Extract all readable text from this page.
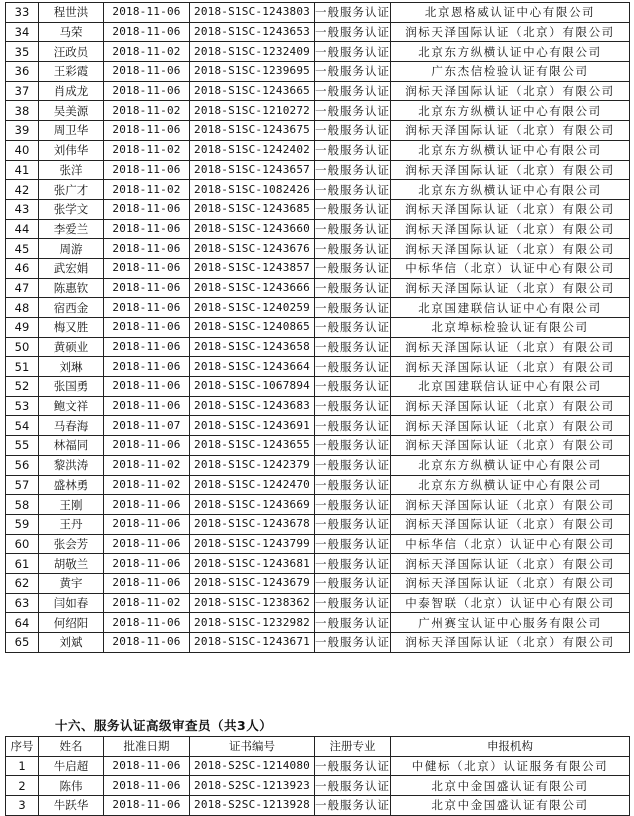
33	程世洪	2018-11-06	2018-S1SC-1243803	一般服务认证	北京恩格威认证中心有限公司
34	马荣	2018-11-06	2018-S1SC-1243653	一般服务认证	润标天泽国际认证（北京）有限公司
35	汪政员	2018-11-02	2018-S1SC-1232409	一般服务认证	北京东方纵横认证中心有限公司
36	王彩霞	2018-11-06	2018-S1SC-1239695	一般服务认证	广东杰信检验认证有限公司
37	肖成龙	2018-11-06	2018-S1SC-1243665	一般服务认证	润标天泽国际认证（北京）有限公司
38	吴美源	2018-11-02	2018-S1SC-1210272	一般服务认证	北京东方纵横认证中心有限公司
39	周卫华	2018-11-06	2018-S1SC-1243675	一般服务认证	润标天泽国际认证（北京）有限公司
40	刘伟华	2018-11-02	2018-S1SC-1242402	一般服务认证	北京东方纵横认证中心有限公司
41	张洋	2018-11-06	2018-S1SC-1243657	一般服务认证	润标天泽国际认证（北京）有限公司
42	张广才	2018-11-02	2018-S1SC-1082426	一般服务认证	北京东方纵横认证中心有限公司
43	张学文	2018-11-06	2018-S1SC-1243685	一般服务认证	润标天泽国际认证（北京）有限公司
44	李爱兰	2018-11-06	2018-S1SC-1243660	一般服务认证	润标天泽国际认证（北京）有限公司
45	周游	2018-11-06	2018-S1SC-1243676	一般服务认证	润标天泽国际认证（北京）有限公司
46	武宏娟	2018-11-06	2018-S1SC-1243857	一般服务认证	中标华信（北京）认证中心有限公司
47	陈惠钦	2018-11-06	2018-S1SC-1243666	一般服务认证	润标天泽国际认证（北京）有限公司
48	宿西金	2018-11-06	2018-S1SC-1240259	一般服务认证	北京国建联信认证中心有限公司
49	梅又胜	2018-11-06	2018-S1SC-1240865	一般服务认证	北京埠标检验认证有限公司
50	黄硕业	2018-11-06	2018-S1SC-1243658	一般服务认证	润标天泽国际认证（北京）有限公司
51	刘琳	2018-11-06	2018-S1SC-1243664	一般服务认证	润标天泽国际认证（北京）有限公司
52	张国勇	2018-11-06	2018-S1SC-1067894	一般服务认证	北京国建联信认证中心有限公司
53	鲍文祥	2018-11-06	2018-S1SC-1243683	一般服务认证	润标天泽国际认证（北京）有限公司
54	马春海	2018-11-07	2018-S1SC-1243691	一般服务认证	润标天泽国际认证（北京）有限公司
55	林福同	2018-11-06	2018-S1SC-1243655	一般服务认证	润标天泽国际认证（北京）有限公司
56	黎洪涛	2018-11-02	2018-S1SC-1242379	一般服务认证	北京东方纵横认证中心有限公司
57	盛林勇	2018-11-02	2018-S1SC-1242470	一般服务认证	北京东方纵横认证中心有限公司
58	王刚	2018-11-06	2018-S1SC-1243669	一般服务认证	润标天泽国际认证（北京）有限公司
59	王丹	2018-11-06	2018-S1SC-1243678	一般服务认证	润标天泽国际认证（北京）有限公司
60	张会芳	2018-11-06	2018-S1SC-1243799	一般服务认证	中标华信（北京）认证中心有限公司
61	胡敬兰	2018-11-06	2018-S1SC-1243681	一般服务认证	润标天泽国际认证（北京）有限公司
62	黄宇	2018-11-06	2018-S1SC-1243679	一般服务认证	润标天泽国际认证（北京）有限公司
63	闫如春	2018-11-02	2018-S1SC-1238362	一般服务认证	中泰智联（北京）认证中心有限公司
64	何绍阳	2018-11-06	2018-S1SC-1232982	一般服务认证	广州赛宝认证中心服务有限公司
65	刘斌	2018-11-06	2018-S1SC-1243671	一般服务认证	润标天泽国际认证（北京）有限公司
十六、服务认证高级审查员（共3人）
序号	姓名	批准日期	证书编号	注册专业	申报机构
1	牛启超	2018-11-06	2018-S2SC-1214080	一般服务认证	中健标（北京）认证服务有限公司
2	陈伟	2018-11-06	2018-S2SC-1213923	一般服务认证	北京中金国盛认证有限公司
3	牛跃华	2018-11-06	2018-S2SC-1213928	一般服务认证	北京中金国盛认证有限公司
